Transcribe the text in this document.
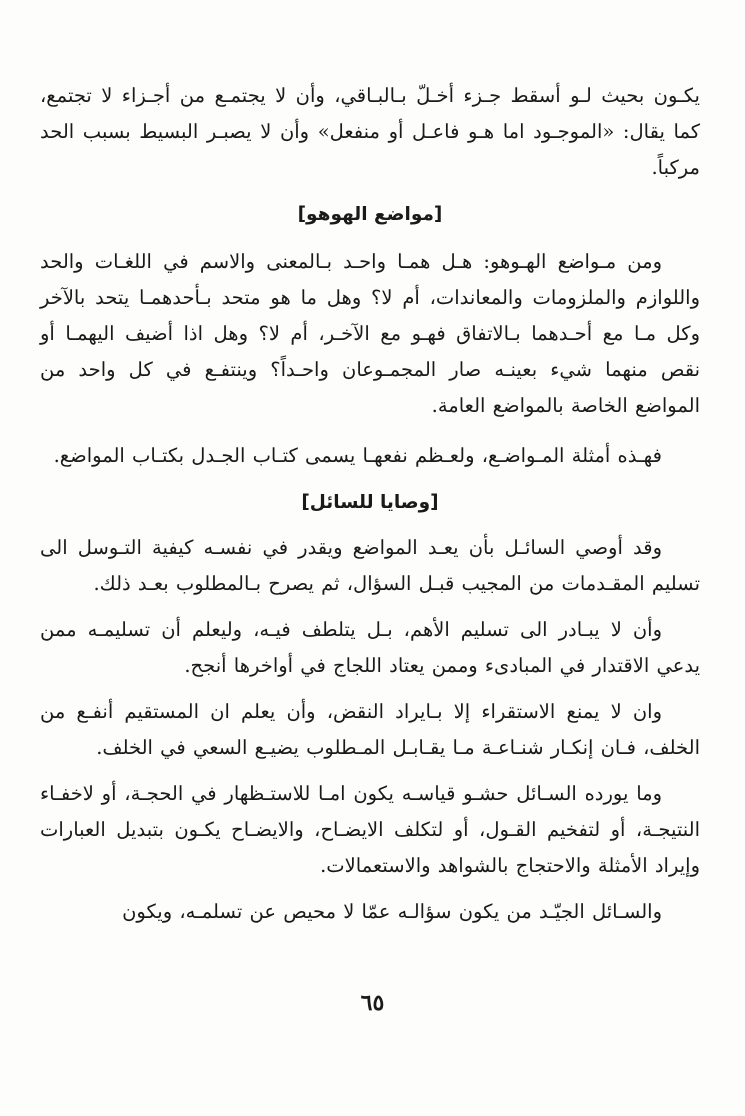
يكـون بحيث لـو أسقط جـزء أخـلّ بـالبـاقي، وأن لا يجتمـع من أجـزاء لا تجتمع، كما يقال: «الموجـود اما هـو فاعـل أو منفعل» وأن لا يصبـر البسيط بسبب الحد مركباً.

[مواضع الهوهو]

ومن مـواضع الهـوهو: هـل همـا واحـد بـالمعنى والاسم في اللغـات والحد واللوازم والملزومات والمعاندات، أم لا؟ وهل ما هو متحد بـأحدهمـا يتحد بالآخر وكل مـا مع أحـدهما بـالاتفاق فهـو مع الآخـر، أم لا؟ وهل اذا أضيف اليهمـا أو نقص منهما شيء بعينـه صار المجمـوعان واحـداً؟ وينتفـع في كل واحد من المواضع الخاصة بالمواضع العامة.

فهـذه أمثلة المـواضـع، ولعـظم نفعهـا يسمى كتـاب الجـدل بكتـاب المواضع.

[وصايا للسائل]

وقد أوصي السائـل بأن يعـد المواضع ويقدر في نفسـه كيفية التـوسل الى تسليم المقـدمات من المجيب قبـل السؤال، ثم يصرح بـالمطلوب بعـد ذلك.

وأن لا يبـادر الى تسليم الأهم، بـل يتلطف فيـه، وليعلم أن تسليمـه ممن يدعي الاقتدار في المبادىء وممن يعتاد اللجاج في أواخرها أنجح.

وان لا يمنع الاستقراء إلا بـايراد النقض، وأن يعلم ان المستقيم أنفـع من الخلف، فـان إنكـار شنـاعـة مـا يقـابـل المـطلوب يضيـع السعي في الخلف.

وما يورده السـائل حشـو قياسـه يكون امـا للاستـظهار في الحجـة، أو لاخفـاء النتيجـة، أو لتفخيم القـول، أو لتكلف الايضـاح، والايضـاح يكـون بتبديل العبارات وإيراد الأمثلة والاحتجاج بالشواهد والاستعمالات.

والسـائل الجيّـد من يكون سؤالـه عمّا لا محيص عن تسلمـه، ويكون

٦٥
